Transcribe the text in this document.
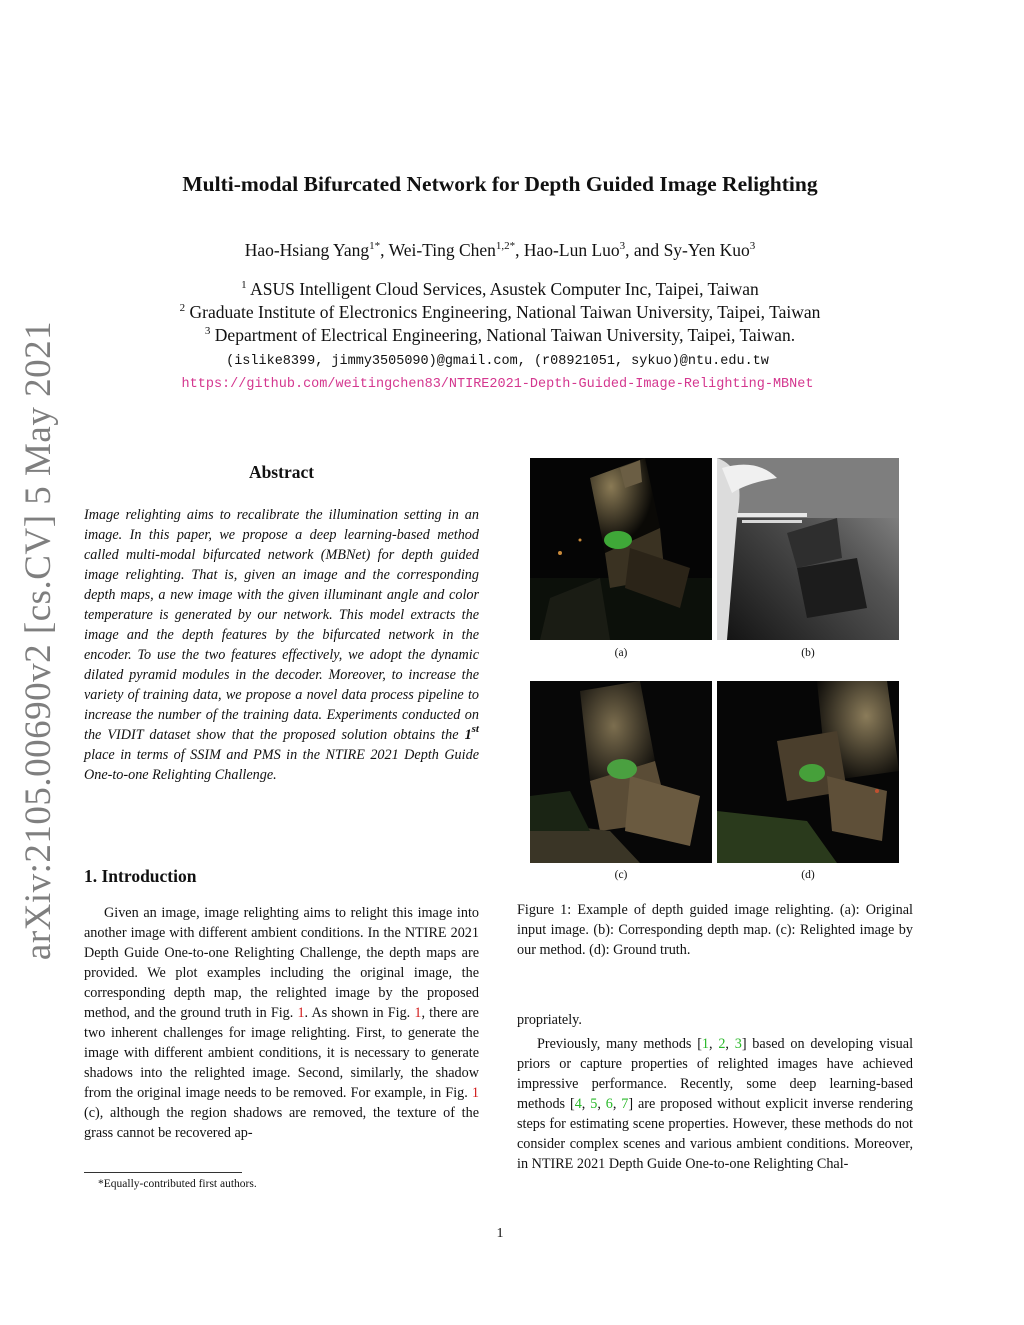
arXiv:2105.00690v2 [cs.CV] 5 May 2021
Multi-modal Bifurcated Network for Depth Guided Image Relighting
Hao-Hsiang Yang$^{1*}$, Wei-Ting Chen$^{1,2*}$, Hao-Lun Luo$^3$, and Sy-Yen Kuo$^3$
$^1$ ASUS Intelligent Cloud Services, Asustek Computer Inc, Taipei, Taiwan
$^2$ Graduate Institute of Electronics Engineering, National Taiwan University, Taipei, Taiwan
$^3$ Department of Electrical Engineering, National Taiwan University, Taipei, Taiwan.
(islike8399, jimmy3505090)@gmail.com, (r08921051, sykuo)@ntu.edu.tw
https://github.com/weitingchen83/NTIRE2021-Depth-Guided-Image-Relighting-MBNet
Abstract
Image relighting aims to recalibrate the illumination setting in an image. In this paper, we propose a deep learning-based method called multi-modal bifurcated network (MBNet) for depth guided image relighting. That is, given an image and the corresponding depth maps, a new image with the given illuminant angle and color temperature is generated by our network. This model extracts the image and the depth features by the bifurcated network in the encoder. To use the two features effectively, we adopt the dynamic dilated pyramid modules in the decoder. Moreover, to increase the variety of training data, we propose a novel data process pipeline to increase the number of the training data. Experiments conducted on the VIDIT dataset show that the proposed solution obtains the 1st place in terms of SSIM and PMS in the NTIRE 2021 Depth Guide One-to-one Relighting Challenge.
1. Introduction

Given an image, image relighting aims to relight this image into another image with different ambient conditions. In the NTIRE 2021 Depth Guide One-to-one Relighting Challenge, the depth maps are provided. We plot examples including the original image, the corresponding depth map, the relighted image by the proposed method, and the ground truth in Fig. 1. As shown in Fig. 1, there are two inherent challenges for image relighting. First, to generate the image with different ambient conditions, it is necessary to generate shadows into the relighted image. Second, similarly, the shadow from the original image needs to be removed. For example, in Fig. 1 (c), although the region shadows are removed, the texture of the grass cannot be recovered ap-

*Equally-contributed first authors.
1
(a)	(b)
(c)	(d)
Figure 1: Example of depth guided image relighting. (a): Original input image. (b): Corresponding depth map. (c): Relighted image by our method. (d): Ground truth.

propriately.

Previously, many methods [1, 2, 3] based on developing visual priors or capture properties of relighted images have achieved impressive performance. Recently, some deep learning-based methods [4, 5, 6, 7] are proposed without explicit inverse rendering steps for estimating scene properties. However, these methods do not consider complex scenes and various ambient conditions. Moreover, in NTIRE 2021 Depth Guide One-to-one Relighting Chal-
